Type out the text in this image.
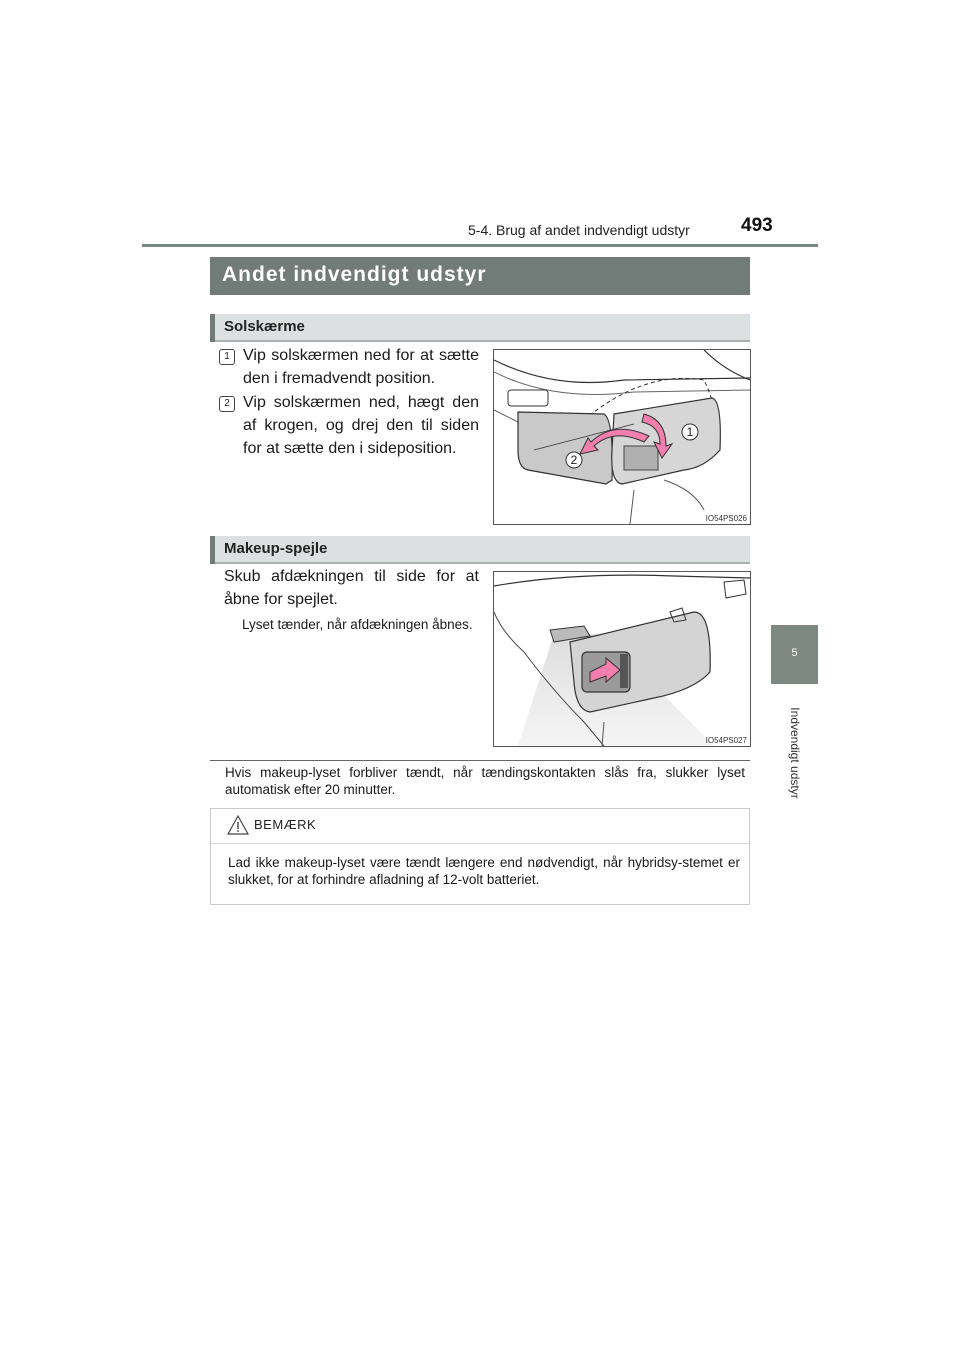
5-4. Brug af andet indvendigt udstyr	493
5
Indvendigt udstyr
Andet indvendigt udstyr
Solskærme
1 Vip solskærmen ned for at sætte den i fremadvendt position.
2 Vip solskærmen ned, hægt den af krogen, og drej den til siden for at sætte den i sideposition.
1
2
IO54PS026
Makeup-spejle
Skub afdækningen til side for at åbne for spejlet.
Lyset tænder, når afdækningen åbnes.
IO54PS027
Hvis makeup-lyset forbliver tændt, når tændingskontakten slås fra, slukker lyset automatisk efter 20 minutter.
BEMÆRK
Lad ikke makeup-lyset være tændt længere end nødvendigt, når hybridsy-stemet er slukket, for at forhindre afladning af 12-volt batteriet.
